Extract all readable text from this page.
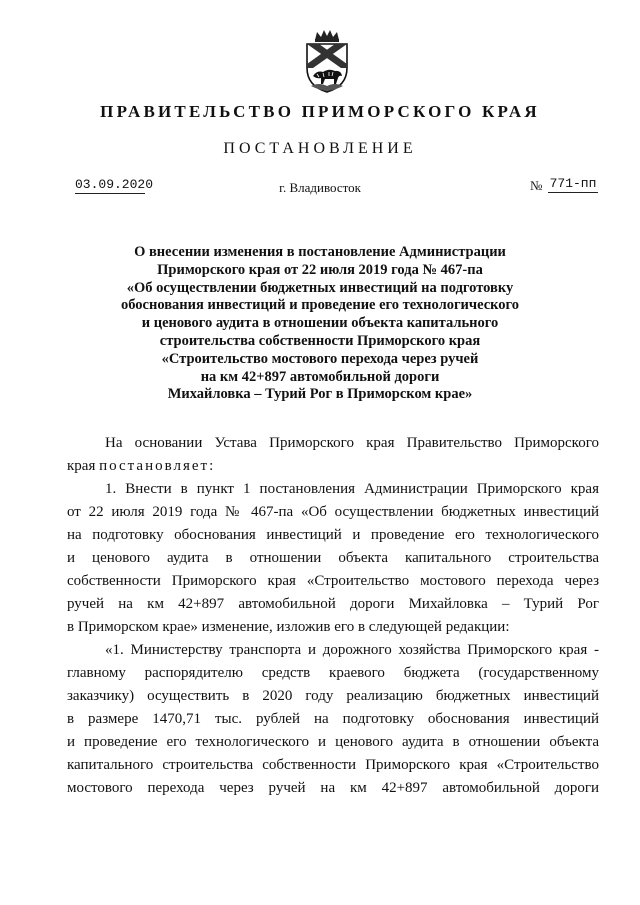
ПРАВИТЕЛЬСТВО ПРИМОРСКОГО КРАЯ
ПОСТАНОВЛЕНИЕ
03.09.2020	г. Владивосток	№ 771-пп
О внесении изменения в постановление Администрации
Приморского края от 22 июля 2019 года № 467-па
«Об осуществлении бюджетных инвестиций на подготовку
обоснования инвестиций и проведение его технологического
и ценового аудита в отношении объекта капитального
строительства собственности Приморского края
«Строительство мостового перехода через ручей
на км 42+897 автомобильной дороги
Михайловка – Турий Рог в Приморском крае»
На основании Устава Приморского края Правительство Приморского
края постановляет:
1. Внести в пункт 1 постановления Администрации Приморского края
от 22 июля 2019 года № 467-па «Об осуществлении бюджетных инвестиций
на подготовку обоснования инвестиций и проведение его технологического
и ценового аудита в отношении объекта капитального строительства
собственности Приморского края «Строительство мостового перехода через
ручей на км 42+897 автомобильной дороги Михайловка – Турий Рог
в Приморском крае» изменение, изложив его в следующей редакции:
«1. Министерству транспорта и дорожного хозяйства Приморского края -
главному распорядителю средств краевого бюджета (государственному
заказчику) осуществить в 2020 году реализацию бюджетных инвестиций
в размере 1470,71 тыс. рублей на подготовку обоснования инвестиций
и проведение его технологического и ценового аудита в отношении объекта
капитального строительства собственности Приморского края «Строительство
мостового перехода через ручей на км 42+897 автомобильной дороги
